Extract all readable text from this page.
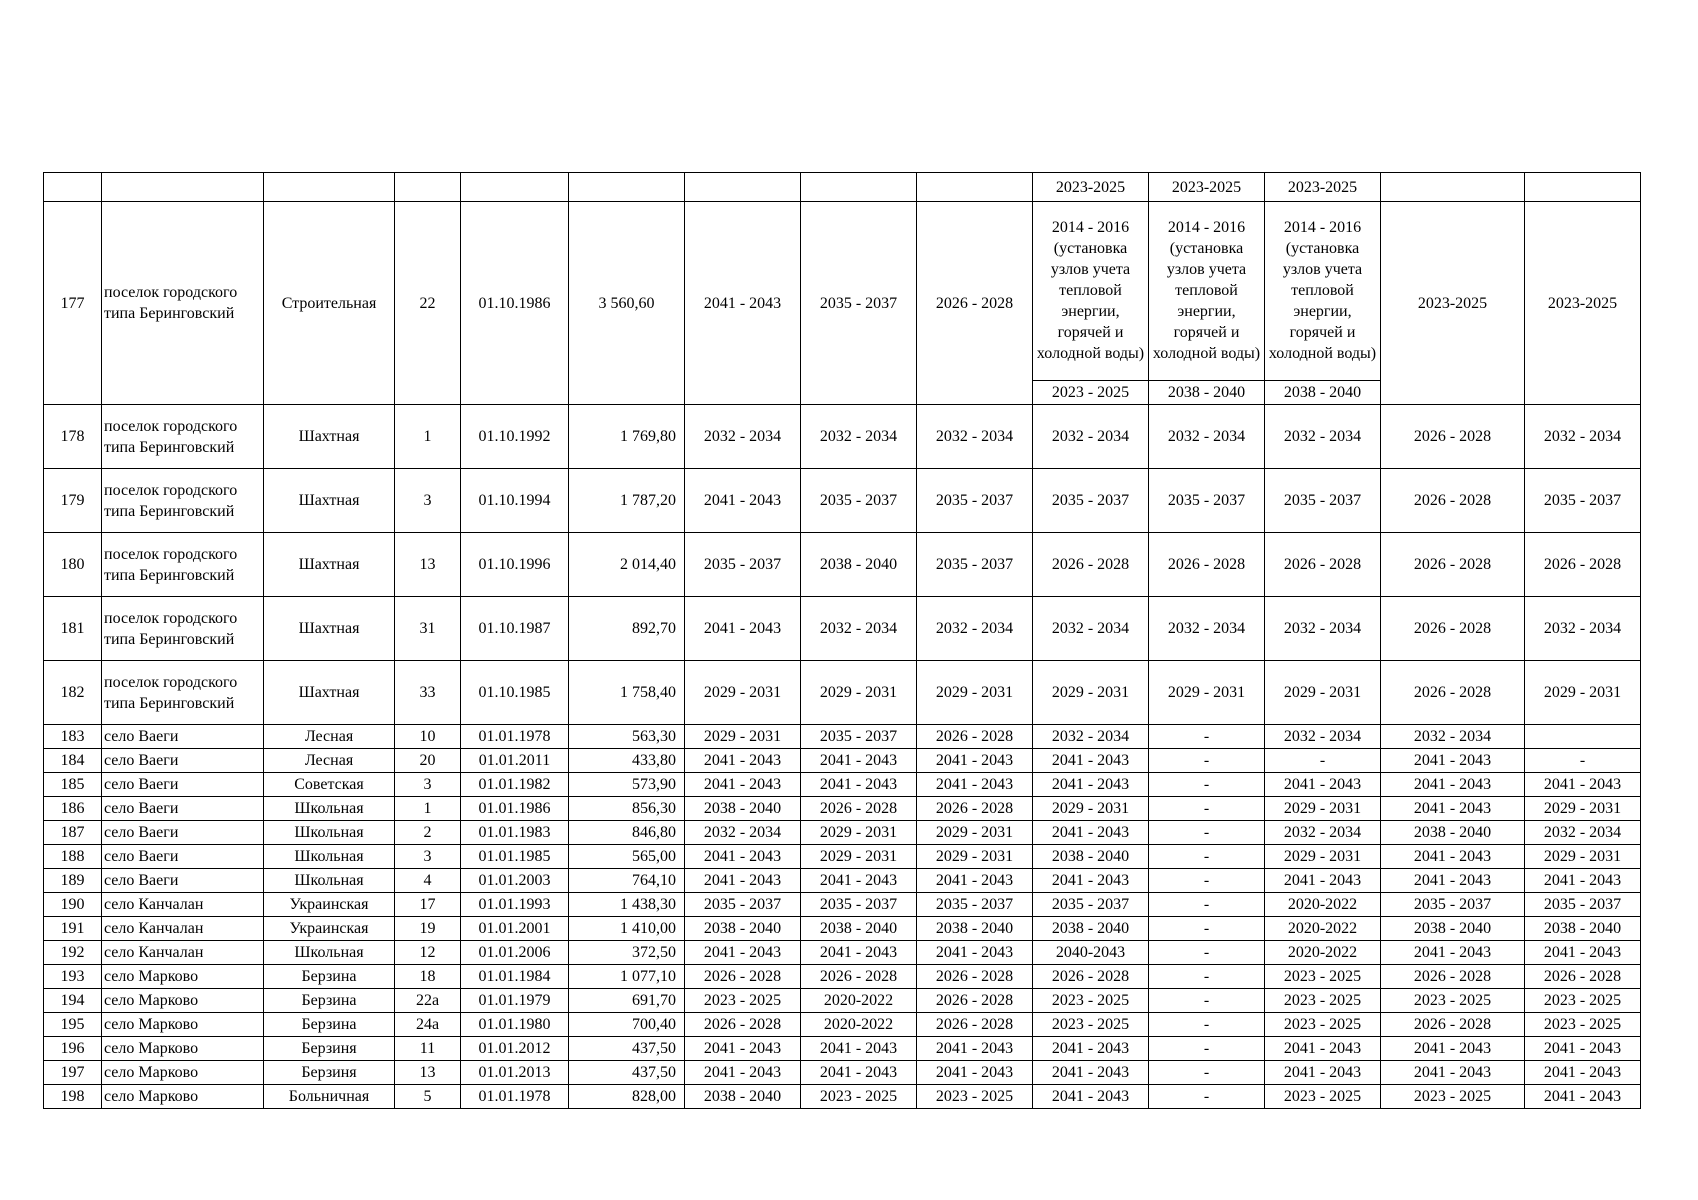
									2023-2025	2023-2025	2023-2025		
177	поселок городского типа Беринговский	Строительная	22	01.10.1986	3 560,60	2041 - 2043	2035 - 2037	2026 - 2028	2014 - 2016 (установка узлов учета тепловой энергии, горячей и холодной воды)	2014 - 2016 (установка узлов учета тепловой энергии, горячей и холодной воды)	2014 - 2016 (установка узлов учета тепловой энергии, горячей и холодной воды)	2023-2025	2023-2025
									2023 - 2025	2038 - 2040	2038 - 2040		
178	поселок городского типа Беринговский	Шахтная	1	01.10.1992	1 769,80	2032 - 2034	2032 - 2034	2032 - 2034	2032 - 2034	2032 - 2034	2032 - 2034	2026 - 2028	2032 - 2034
179	поселок городского типа Беринговский	Шахтная	3	01.10.1994	1 787,20	2041 - 2043	2035 - 2037	2035 - 2037	2035 - 2037	2035 - 2037	2035 - 2037	2026 - 2028	2035 - 2037
180	поселок городского типа Беринговский	Шахтная	13	01.10.1996	2 014,40	2035 - 2037	2038 - 2040	2035 - 2037	2026 - 2028	2026 - 2028	2026 - 2028	2026 - 2028	2026 - 2028
181	поселок городского типа Беринговский	Шахтная	31	01.10.1987	892,70	2041 - 2043	2032 - 2034	2032 - 2034	2032 - 2034	2032 - 2034	2032 - 2034	2026 - 2028	2032 - 2034
182	поселок городского типа Беринговский	Шахтная	33	01.10.1985	1 758,40	2029 - 2031	2029 - 2031	2029 - 2031	2029 - 2031	2029 - 2031	2029 - 2031	2026 - 2028	2029 - 2031
183	село Ваеги	Лесная	10	01.01.1978	563,30	2029 - 2031	2035 - 2037	2026 - 2028	2032 - 2034	-	2032 - 2034	2032 - 2034	
184	село Ваеги	Лесная	20	01.01.2011	433,80	2041 - 2043	2041 - 2043	2041 - 2043	2041 - 2043	-	-	2041 - 2043	-
185	село Ваеги	Советская	3	01.01.1982	573,90	2041 - 2043	2041 - 2043	2041 - 2043	2041 - 2043	-	2041 - 2043	2041 - 2043	2041 - 2043
186	село Ваеги	Школьная	1	01.01.1986	856,30	2038 - 2040	2026 - 2028	2026 - 2028	2029 - 2031	-	2029 - 2031	2041 - 2043	2029 - 2031
187	село Ваеги	Школьная	2	01.01.1983	846,80	2032 - 2034	2029 - 2031	2029 - 2031	2041 - 2043	-	2032 - 2034	2038 - 2040	2032 - 2034
188	село Ваеги	Школьная	3	01.01.1985	565,00	2041 - 2043	2029 - 2031	2029 - 2031	2038 - 2040	-	2029 - 2031	2041 - 2043	2029 - 2031
189	село Ваеги	Школьная	4	01.01.2003	764,10	2041 - 2043	2041 - 2043	2041 - 2043	2041 - 2043	-	2041 - 2043	2041 - 2043	2041 - 2043
190	село Канчалан	Украинская	17	01.01.1993	1 438,30	2035 - 2037	2035 - 2037	2035 - 2037	2035 - 2037	-	2020-2022	2035 - 2037	2035 - 2037
191	село Канчалан	Украинская	19	01.01.2001	1 410,00	2038 - 2040	2038 - 2040	2038 - 2040	2038 - 2040	-	2020-2022	2038 - 2040	2038 - 2040
192	село Канчалан	Школьная	12	01.01.2006	372,50	2041 - 2043	2041 - 2043	2041 - 2043	2040-2043	-	2020-2022	2041 - 2043	2041 - 2043
193	село Марково	Берзина	18	01.01.1984	1 077,10	2026 - 2028	2026 - 2028	2026 - 2028	2026 - 2028	-	2023 - 2025	2026 - 2028	2026 - 2028
194	село Марково	Берзина	22а	01.01.1979	691,70	2023 - 2025	2020-2022	2026 - 2028	2023 - 2025	-	2023 - 2025	2023 - 2025	2023 - 2025
195	село Марково	Берзина	24а	01.01.1980	700,40	2026 - 2028	2020-2022	2026 - 2028	2023 - 2025	-	2023 - 2025	2026 - 2028	2023 - 2025
196	село Марково	Берзиня	11	01.01.2012	437,50	2041 - 2043	2041 - 2043	2041 - 2043	2041 - 2043	-	2041 - 2043	2041 - 2043	2041 - 2043
197	село Марково	Берзиня	13	01.01.2013	437,50	2041 - 2043	2041 - 2043	2041 - 2043	2041 - 2043	-	2041 - 2043	2041 - 2043	2041 - 2043
198	село Марково	Больничная	5	01.01.1978	828,00	2038 - 2040	2023 - 2025	2023 - 2025	2041 - 2043	-	2023 - 2025	2023 - 2025	2041 - 2043
